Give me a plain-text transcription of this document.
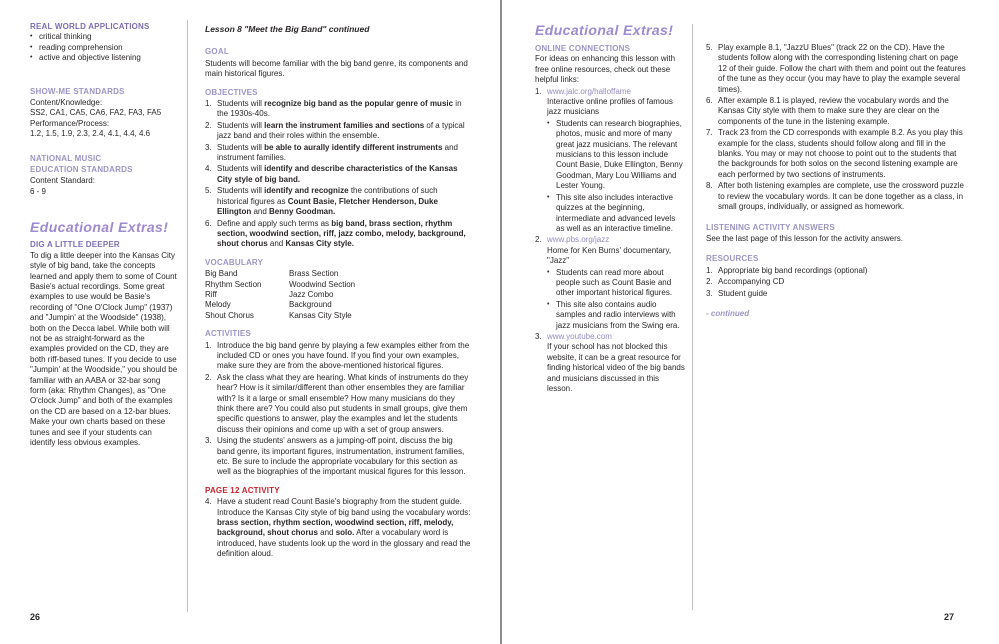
REAL WORLD APPLICATIONS
• critical thinking
• reading comprehension
• active and objective listening
SHOW-ME STANDARDS
Content/Knowledge:
SS2, CA1, CA5, CA6, FA2, FA3, FA5
Performance/Process:
1.2, 1.5, 1.9, 2.3, 2.4, 4.1, 4.4, 4.6
NATIONAL MUSIC
EDUCATION STANDARDS
Content Standard:
6 - 9
Educational Extras!
DIG A LITTLE DEEPER
To dig a little deeper into the Kansas City style of big band, take the concepts learned and apply them to some of Count Basie's actual recordings. Some great examples to use would be Basie's recording of "One O'Clock Jump" (1937) and "Jumpin' at the Woodside" (1938), both on the Decca label. While both will not be as straight-forward as the examples provided on the CD, they are both riff-based tunes. If you decide to use "Jumpin' at the Woodside," you should be familiar with an AABA or 32-bar song form (aka: Rhythm Changes), as "One O'clock Jump" and both of the examples on the CD are based on a 12-bar blues. Make your own charts based on these tunes and see if your students can identify less obvious examples.
Lesson 8 "Meet the Big Band" continued
GOAL
Students will become familiar with the big band genre, its components and main historical figures.
OBJECTIVES
1. Students will recognize big band as the popular genre of music in the 1930s-40s.
2. Students will learn the instrument families and sections of a typical jazz band and their roles within the ensemble.
3. Students will be able to aurally identify different instruments and instrument families.
4. Students will identify and describe characteristics of the Kansas City style of big band.
5. Students will identify and recognize the contributions of such historical figures as Count Basie, Fletcher Henderson, Duke Ellington and Benny Goodman.
6. Define and apply such terms as big band, brass section, rhythm section, woodwind section, riff, jazz combo, melody, background, shout chorus and Kansas City style.
VOCABULARY
Big Band	Brass Section
Rhythm Section	Woodwind Section
Riff	Jazz Combo
Melody	Background
Shout Chorus	Kansas City Style
ACTIVITIES
1. Introduce the big band genre by playing a few examples either from the included CD or ones you have found. If you find your own examples, make sure they are from the above-mentioned historical figures.
2. Ask the class what they are hearing. What kinds of instruments do they hear? How is it similar/different than other ensembles they are familiar with? Is it a large or small ensemble? How many musicians do they think there are? You could also put students in small groups, give them specific questions to answer, play the examples and let the students discuss their opinions and come up with a set of group answers.
3. Using the students' answers as a jumping-off point, discuss the big band genre, its important figures, instrumentation, instrument families, etc. Be sure to include the appropriate vocabulary for this section as well as the biographies of the important musical figures for this lesson.
PAGE 12 ACTIVITY
4. Have a student read Count Basie's biography from the student guide. Introduce the Kansas City style of big band using the vocabulary words: brass section, rhythm section, woodwind section, riff, melody, background, shout chorus and solo. After a vocabulary word is introduced, have students look up the word in the glossary and read the definition aloud.
26
Educational Extras!
ONLINE CONNECTIONS
For ideas on enhancing this lesson with free online resources, check out these helpful links:
1. www.jalc.org/halloffame
Interactive online profiles of famous jazz musicians
• Students can research biographies, photos, music and more of many great jazz musicians. The relevant musicians to this lesson include Count Basie, Duke Ellington, Benny Goodman, Mary Lou Williams and Lester Young.
• This site also includes interactive quizzes at the beginning, intermediate and advanced levels as well as an interactive timeline.
2. www.pbs.org/jazz
Home for Ken Burns' documentary, "Jazz"
• Students can read more about people such as Count Basie and other important historical figures.
• This site also contains audio samples and radio interviews with jazz musicians from the Swing era.
3. www.youtube.com
If your school has not blocked this website, it can be a great resource for finding historical video of the big bands and musicians discussed in this lesson.
5. Play example 8.1, "JazzU Blues" (track 22 on the CD). Have the students follow along with the corresponding listening chart on page 12 of their guide. Follow the chart with them and point out the features of the tune as they occur (you may have to play the example several times).
6. After example 8.1 is played, review the vocabulary words and the Kansas City style with them to make sure they are clear on the components of the tune in the listening example.
7. Track 23 from the CD corresponds with example 8.2. As you play this example for the class, students should follow along and fill in the blanks. You may or may not choose to point out to the students that the backgrounds for both solos on the second listening example are each performed by two sections of instruments.
8. After both listening examples are complete, use the crossword puzzle to review the vocabulary words. It can be done together as a class, in small groups, individually, or assigned as homework.
LISTENING ACTIVITY ANSWERS
See the last page of this lesson for the activity answers.
RESOURCES
1. Appropriate big band recordings (optional)
2. Accompanying CD
3. Student guide
- continued
27
